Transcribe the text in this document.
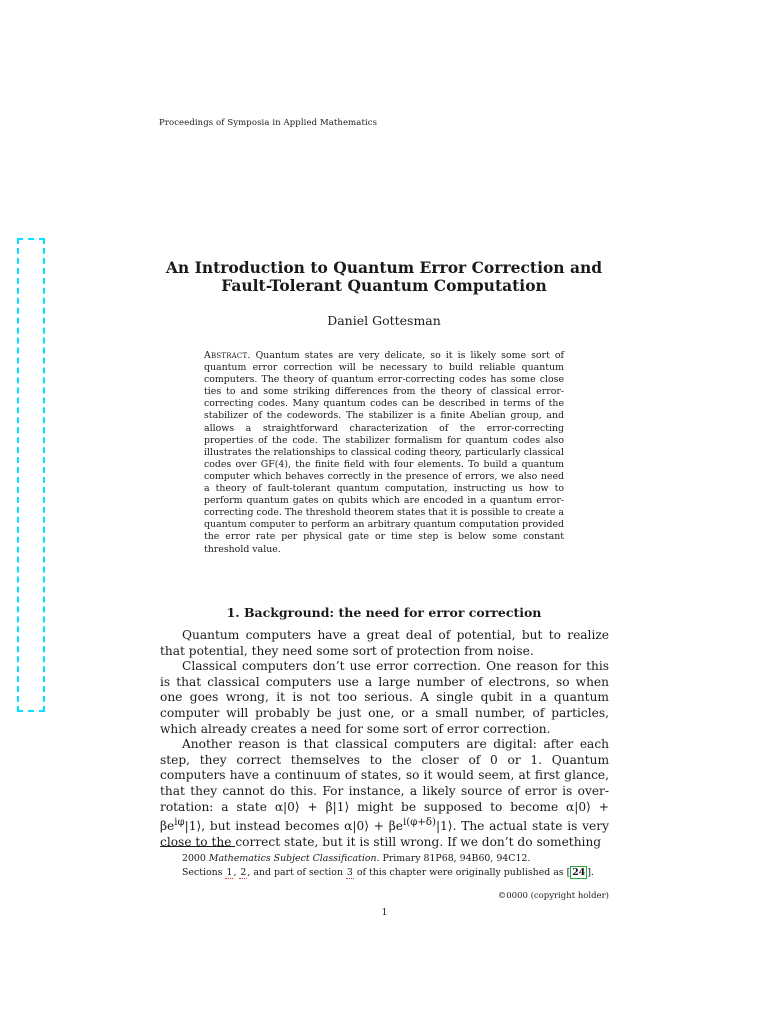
Proceedings of Symposia in Applied Mathematics
An Introduction to Quantum Error Correction and
Fault-Tolerant Quantum Computation
Daniel Gottesman
Abstract. Quantum states are very delicate, so it is likely some sort of quantum error correction will be necessary to build reliable quantum computers. The theory of quantum error-correcting codes has some close ties to and some striking differences from the theory of classical error-correcting codes. Many quantum codes can be described in terms of the stabilizer of the codewords. The stabilizer is a finite Abelian group, and allows a straightforward characterization of the error-correcting properties of the code. The stabilizer formalism for quantum codes also illustrates the relationships to classical coding theory, particularly classical codes over GF(4), the finite field with four elements. To build a quantum computer which behaves correctly in the presence of errors, we also need a theory of fault-tolerant quantum computation, instructing us how to perform quantum gates on qubits which are encoded in a quantum error-correcting code. The threshold theorem states that it is possible to create a quantum computer to perform an arbitrary quantum computation provided the error rate per physical gate or time step is below some constant threshold value.
1. Background: the need for error correction

Quantum computers have a great deal of potential, but to realize that potential, they need some sort of protection from noise.

Classical computers don’t use error correction. One reason for this is that classical computers use a large number of electrons, so when one goes wrong, it is not too serious. A single qubit in a quantum computer will probably be just one, or a small number, of particles, which already creates a need for some sort of error correction.

Another reason is that classical computers are digital: after each step, they correct themselves to the closer of 0 or 1. Quantum computers have a continuum of states, so it would seem, at first glance, that they cannot do this. For instance, a likely source of error is over-rotation: a state α|0⟩ + β|1⟩ might be supposed to become α|0⟩ + $\beta e^{i\varphi}|1⟩$, but instead becomes α|0⟩ + $\beta e^{i(\varphi+\delta)}|1⟩$. The actual state is very close to the correct state, but it is still wrong. If we don’t do something

2000 Mathematics Subject Classification. Primary 81P68, 94B60, 94C12.
Sections 1, 2, and part of section 3 of this chapter were originally published as [ 24 ].
©0000 (copyright holder)
1
